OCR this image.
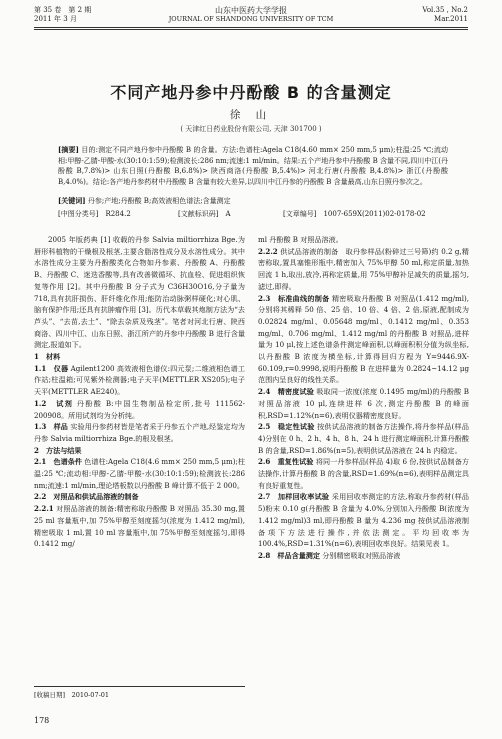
第 35 卷　第 2 期
2011 年 3 月
山东中医药大学学报
JOURNAL OF SHANDONG UNIVERSITY OF TCM
Vol.35 , No.2
Mar.2011
不同产地丹参中丹酚酸 B 的含量测定
徐 山
( 天津红日药业股份有限公司, 天津 301700 )
[摘要] 目的:测定不同产地丹参中丹酚酸 B 的含量。方法:色谱柱:Agela C18(4.60 mm× 250 mm,5 μm);柱温:25 ℃;流动相:甲醇-乙腈-甲酸-水(30:10:1:59);检测波长:286 nm;流速:1 ml/min。结果:五个产地丹参中丹酚酸 B 含量不同,四川中江(丹酚酸 B,7.8%)> 山东日照(丹酚酸 B,6.8%)> 陕西商洛(丹酚酸 B,5.4%)> 河北行唐(丹酚酸 B,4.8%)> 浙江(丹酚酸 B,4.0%)。结论:各产地丹参药材中丹酚酸 B 含量有较大差异,以四川中江丹参的丹酚酸 B 含量最高,山东日照丹参次之。
[关键词] 丹参;产地;丹酚酸 B;高效液相色谱法;含量测定
[中图分类号]　R284.2	[文献标识码]　A	[文章编号]　1007-659X(2011)02-0178-02

2005 年版药典 [1] 收载的丹参 Salvia miltiorrhiza Bge.为唇形科植物的干燥根及根茎,主要含脂溶性成分及水溶性成分。其中水溶性成分主要为丹酚酸类化合物如丹参素、丹酚酸 A、丹酚酸 B、丹酚酸 C、迷迭香酸等,具有改善微循环、抗血栓、促进组织恢复等作用 [2]。其中丹酚酸 B 分子式为 C36H30O16,分子量为 718,具有抗肝损伤、肝纤维化作用;能防治动脉粥样硬化;对心肌、脑有保护作用;还具有抗肿瘤作用 [3]。历代本草载其炮制方法为“去芦头”、“去苗,去土”、“除去杂质及残茎”。笔者对河北行唐、陕西商洛、四川中江、山东日照、浙江所产的丹参中丹酚酸 B 进行含量测定,报道如下。

1　材料

1.1　仪器 Agilent1200 高效液相色谱仪:四元泵;二维液相色谱工作站;柱温箱;可见紫外检测器;电子天平(METTLER XS205);电子天平(METTLER AE240)。

1.2　试剂 丹酚酸 B:中国生物制品检定所,批号 111562-200908。所用试剂均为分析纯。

1.3　样品 实验用丹参药材皆是笔者采于丹参五个产地,经鉴定均为丹参 Salvia miltiorrhiza Bge.的根及根茎。

2　方法与结果

2.1　色谱条件 色谱柱:Agela C18(4.6 mm× 250 mm,5 μm);柱温:25 ℃;流动相:甲醇-乙腈-甲酸-水(30:10:1:59);检测波长:286 nm;流速:1 ml/min,理论塔板数以丹酚酸 B 峰计算不低于 2 000。

2.2　对照品和供试品溶液的制备

2.2.1 对照品溶液的制备:精密称取丹酚酸 B 对照品 35.30 mg,置 25 ml 容量瓶中,加 75%甲醇至刻度摇匀(浓度为 1.412 mg/ml),精密吸取 1 ml,置 10 ml 容量瓶中,加 75%甲醇至刻度摇匀,即得 0.1412 mg/

ml 丹酚酸 B 对照品溶液。

2.2.2 供试品溶液的制备　取丹参样品(粉碎过三号筛)约 0.2 g,精密称取,置具塞锥形瓶中,精密加入 75%甲醇 50 ml,称定质量,加热回流 1 h,取出,放冷,再称定质量,用 75%甲醇补足减失的质量,摇匀,滤过,即得。

2.3　标准曲线的制备 精密吸取丹酚酸 B 对照品(1.412 mg/ml),分别将其稀释 50 倍、25 倍、10 倍、4 倍、2 倍,原液,配制成为 0.02824 mg/ml、0.05648 mg/ml、0.1412 mg/ml、0.353 mg/ml、0.706 mg/ml、1.412 mg/ml 的丹酚酸 B 对照品,进样量为 10 μl,按上述色谱条件测定峰面积,以峰面积积分值为纵坐标,以丹酚酸 B 浓度为横坐标,计算得回归方程为 Y=9446.9X-60.109,r=0.9998,说明丹酚酸 B 在进样量为 0.2824~14.12 μg 范围内呈良好的线性关系。

2.4　精密度试验 吸取同一浓度(浓度 0.1495 mg/ml)的丹酚酸 B 对照品溶液 10 μl,连续进样 6 次,测定丹酚酸 B 的峰面积,RSD=1.12%(n=6),表明仪器精密度良好。

2.5　稳定性试验 按供试品溶液的制备方法操作,将丹参样品(样品 4)分别在 0 h、2 h、4 h、8 h、24 h 进行测定峰面积,计算丹酚酸 B 的含量,RSD=1.86%(n=5),表明供试品溶液在 24 h 内稳定。

2.6　重复性试验 将同一丹参样品(样品 4)取 6 份,按供试品制备方法操作,计算丹酚酸 B 的含量,RSD=1.69%(n=6),表明样品测定具有良好重复性。

2.7　加样回收率试验 采用回收率测定的方法,称取丹参药材(样品 5)粉末 0.10 g(丹酚酸 B 含量为 4.0%,分别加入丹酚酸 B(浓度为 1.412 mg/ml)3 ml,即丹酚酸 B 量为 4.236 mg 按供试品溶液制备项下方法进行操作,并依法测定。平均回收率为 100.4%,RSD=1.31%(n=6),表明回收率良好。结果见表 1。

2.8　样品含量测定 分别精密吸取对照品溶液

[收稿日期]　2010-07-01
178
